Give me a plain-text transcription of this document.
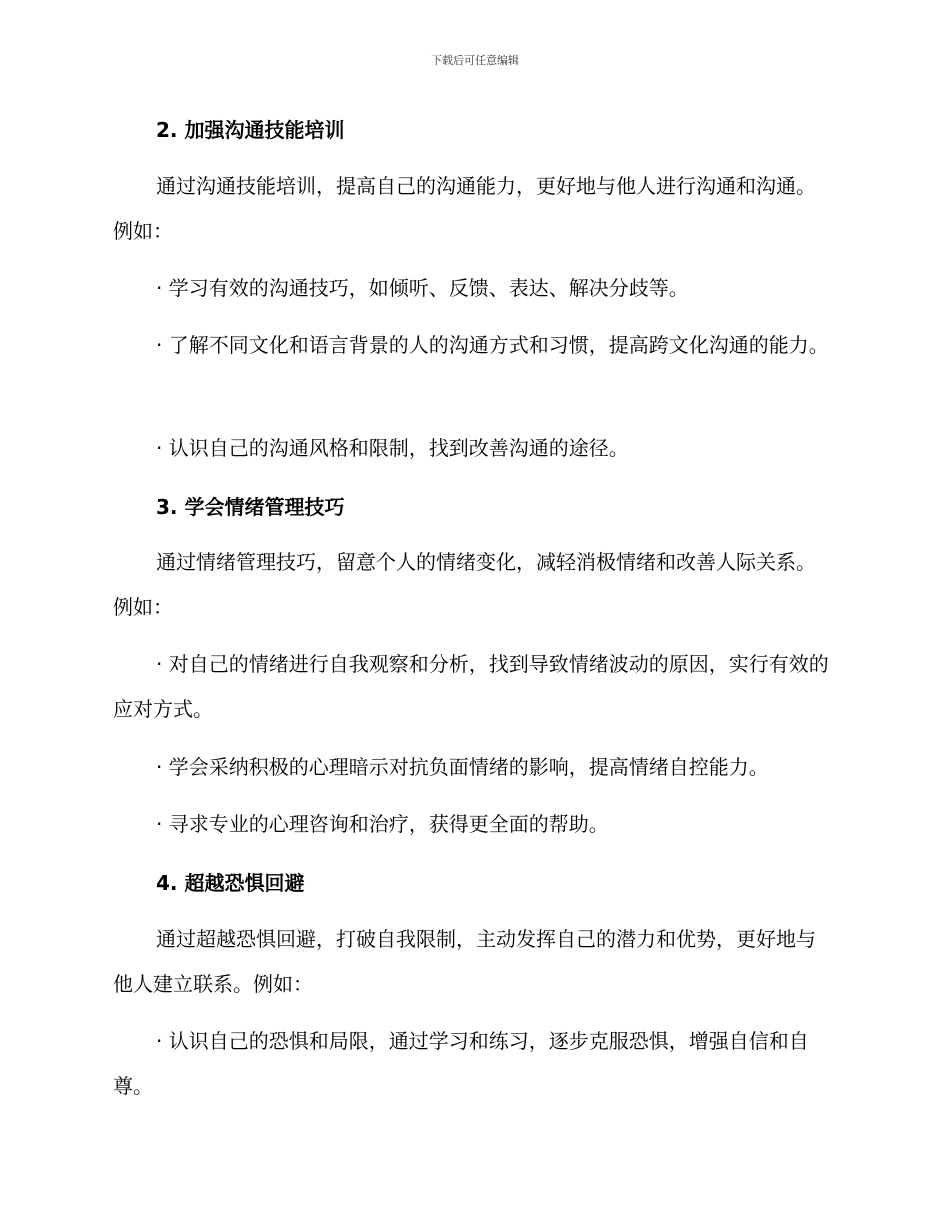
下载后可任意编辑
2. 加强沟通技能培训

通过沟通技能培训，提高自己的沟通能力，更好地与他人进行沟通和沟通。例如：

· 学习有效的沟通技巧，如倾听、反馈、表达、解决分歧等。

· 了解不同文化和语言背景的人的沟通方式和习惯，提高跨文化沟通的能力。

· 认识自己的沟通风格和限制，找到改善沟通的途径。

3. 学会情绪管理技巧

通过情绪管理技巧，留意个人的情绪变化，减轻消极情绪和改善人际关系。例如：

· 对自己的情绪进行自我观察和分析，找到导致情绪波动的原因，实行有效的应对方式。

· 学会采纳积极的心理暗示对抗负面情绪的影响，提高情绪自控能力。

· 寻求专业的心理咨询和治疗，获得更全面的帮助。

4. 超越恐惧回避

通过超越恐惧回避，打破自我限制，主动发挥自己的潜力和优势，更好地与他人建立联系。例如：

· 认识自己的恐惧和局限，通过学习和练习，逐步克服恐惧，增强自信和自尊。
